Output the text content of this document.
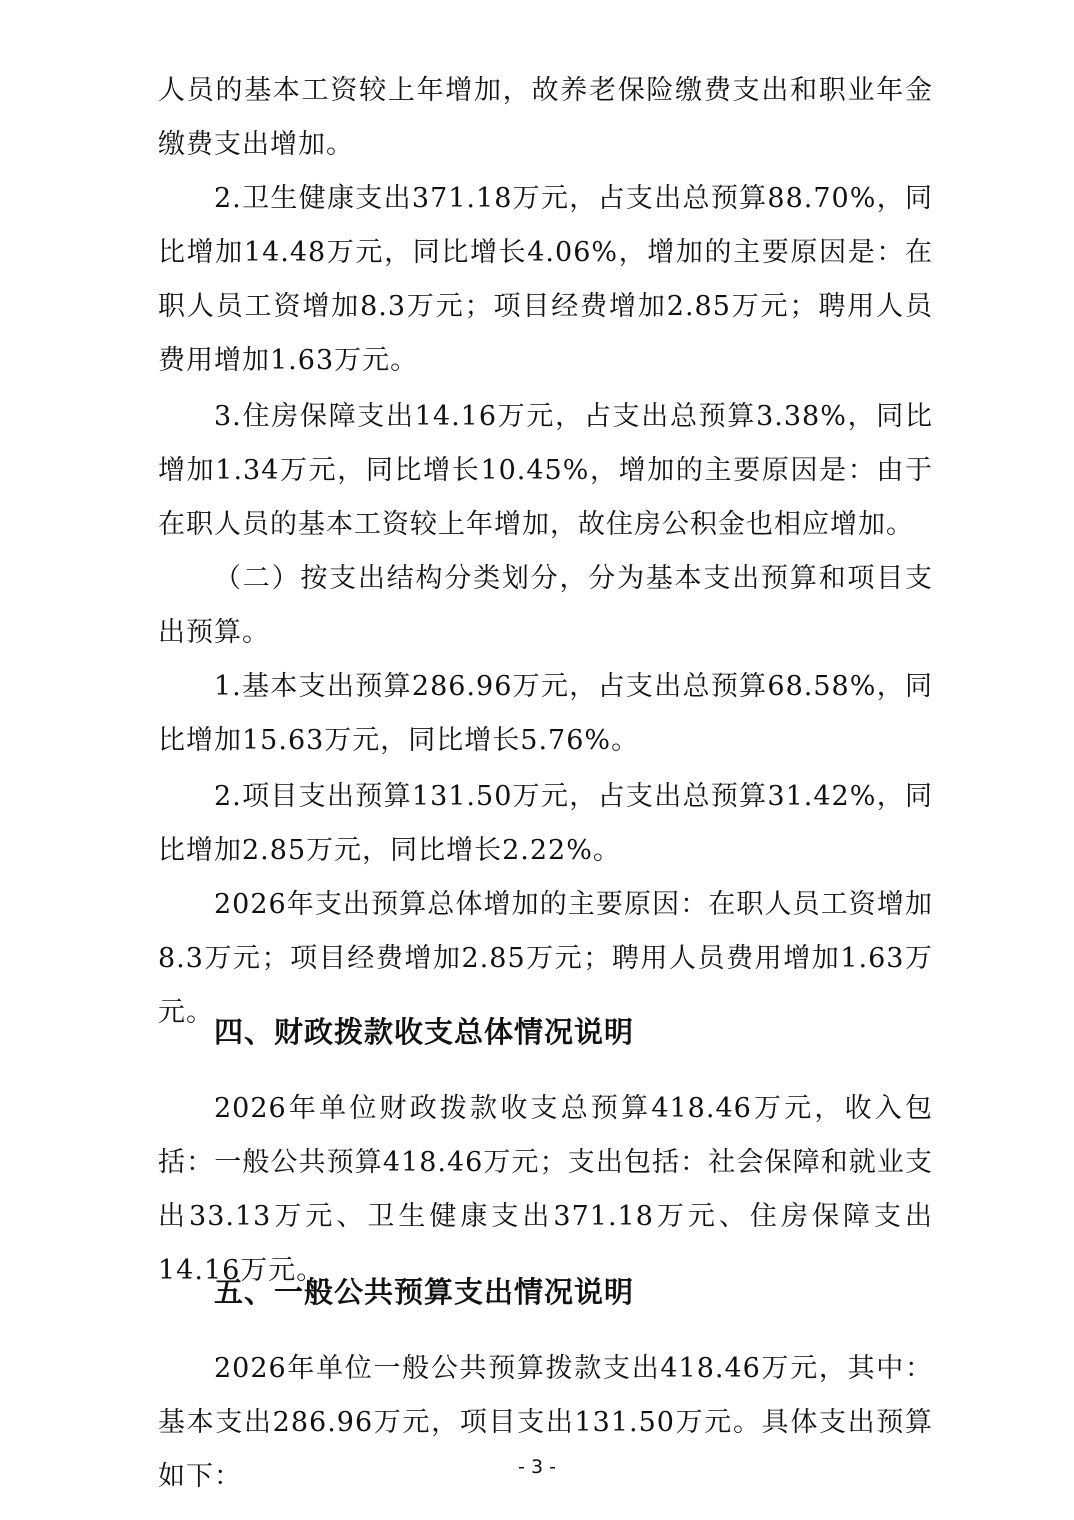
人员的基本工资较上年增加，故养老保险缴费支出和职业年金缴费支出增加。

2.卫生健康支出371.18万元，占支出总预算88.70%，同比增加14.48万元，同比增长4.06%，增加的主要原因是：在职人员工资增加8.3万元；项目经费增加2.85万元；聘用人员费用增加1.63万元。

3.住房保障支出14.16万元，占支出总预算3.38%，同比增加1.34万元，同比增长10.45%，增加的主要原因是：由于在职人员的基本工资较上年增加，故住房公积金也相应增加。

（二）按支出结构分类划分，分为基本支出预算和项目支出预算。

1.基本支出预算286.96万元，占支出总预算68.58%，同比增加15.63万元，同比增长5.76%。

2.项目支出预算131.50万元，占支出总预算31.42%，同比增加2.85万元，同比增长2.22%。

2026年支出预算总体增加的主要原因：在职人员工资增加8.3万元；项目经费增加2.85万元；聘用人员费用增加1.63万元。

四、财政拨款收支总体情况说明

2026年单位财政拨款收支总预算418.46万元，收入包括：一般公共预算418.46万元；支出包括：社会保障和就业支出33.13万元、卫生健康支出371.18万元、住房保障支出14.16万元。

五、一般公共预算支出情况说明

2026年单位一般公共预算拨款支出418.46万元，其中：基本支出286.96万元，项目支出131.50万元。具体支出预算如下：	- 3 -
